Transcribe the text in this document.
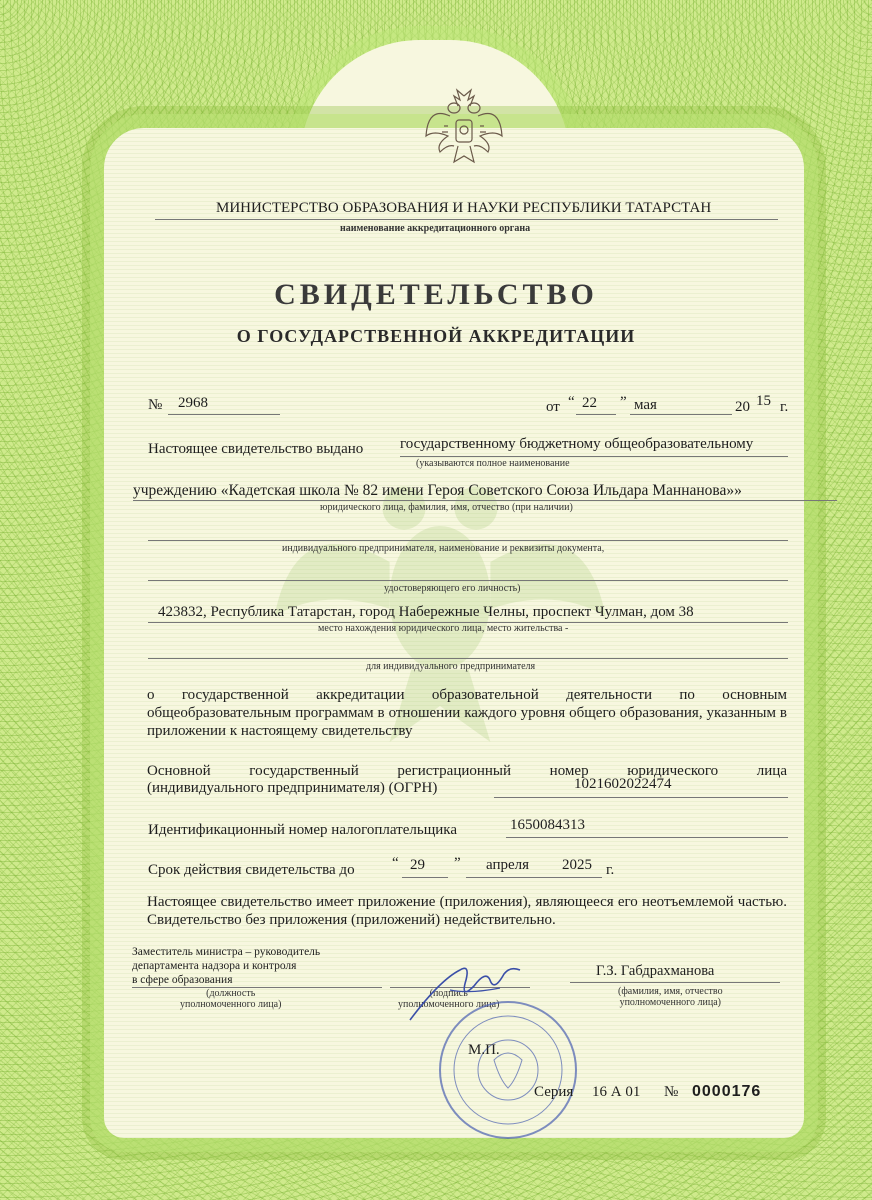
МИНИСТЕРСТВО ОБРАЗОВАНИЯ И НАУКИ РЕСПУБЛИКИ ТАТАРСТАН
наименование аккредитационного органа
СВИДЕТЕЛЬСТВО
О ГОСУДАРСТВЕННОЙ АККРЕДИТАЦИИ
№ 2968	от “ 22 ” мая	20 15 г.
Настоящее свидетельство выдано государственному бюджетному общеобразовательному
(указываются полное наименование
учреждению «Кадетская школа № 82 имени Героя Советского Союза Ильдара Маннанова»»
юридического лица, фамилия, имя, отчество (при наличии)
индивидуального предпринимателя, наименование и реквизиты документа,
удостоверяющего его личность)
423832, Республика Татарстан, город Набережные Челны, проспект Чулман, дом 38
место нахождения юридического лица, место жительства -
для индивидуального предпринимателя
о государственной аккредитации образовательной деятельности по основным общеобразовательным программам в отношении каждого уровня общего образования, указанным в приложении к настоящему свидетельству
Основной государственный регистрационный номер юридического лица
(индивидуального предпринимателя) (ОГРН)	1021602022474
Идентификационный номер налогоплательщика	1650084313
Срок действия свидетельства до “ 29 ” апреля 2025 г.
Настоящее свидетельство имеет приложение (приложения), являющееся его неотъемлемой частью. Свидетельство без приложения (приложений) недействительно.
Заместитель министра – руководитель
департамента надзора и контроля
в сфере образования
(должность
уполномоченного лица)
(подпись
уполномоченного лица)
Г.З. Габдрахманова
(фамилия, имя, отчество
уполномоченного лица)
М.П.
Серия 16 А 01 № 0000176
